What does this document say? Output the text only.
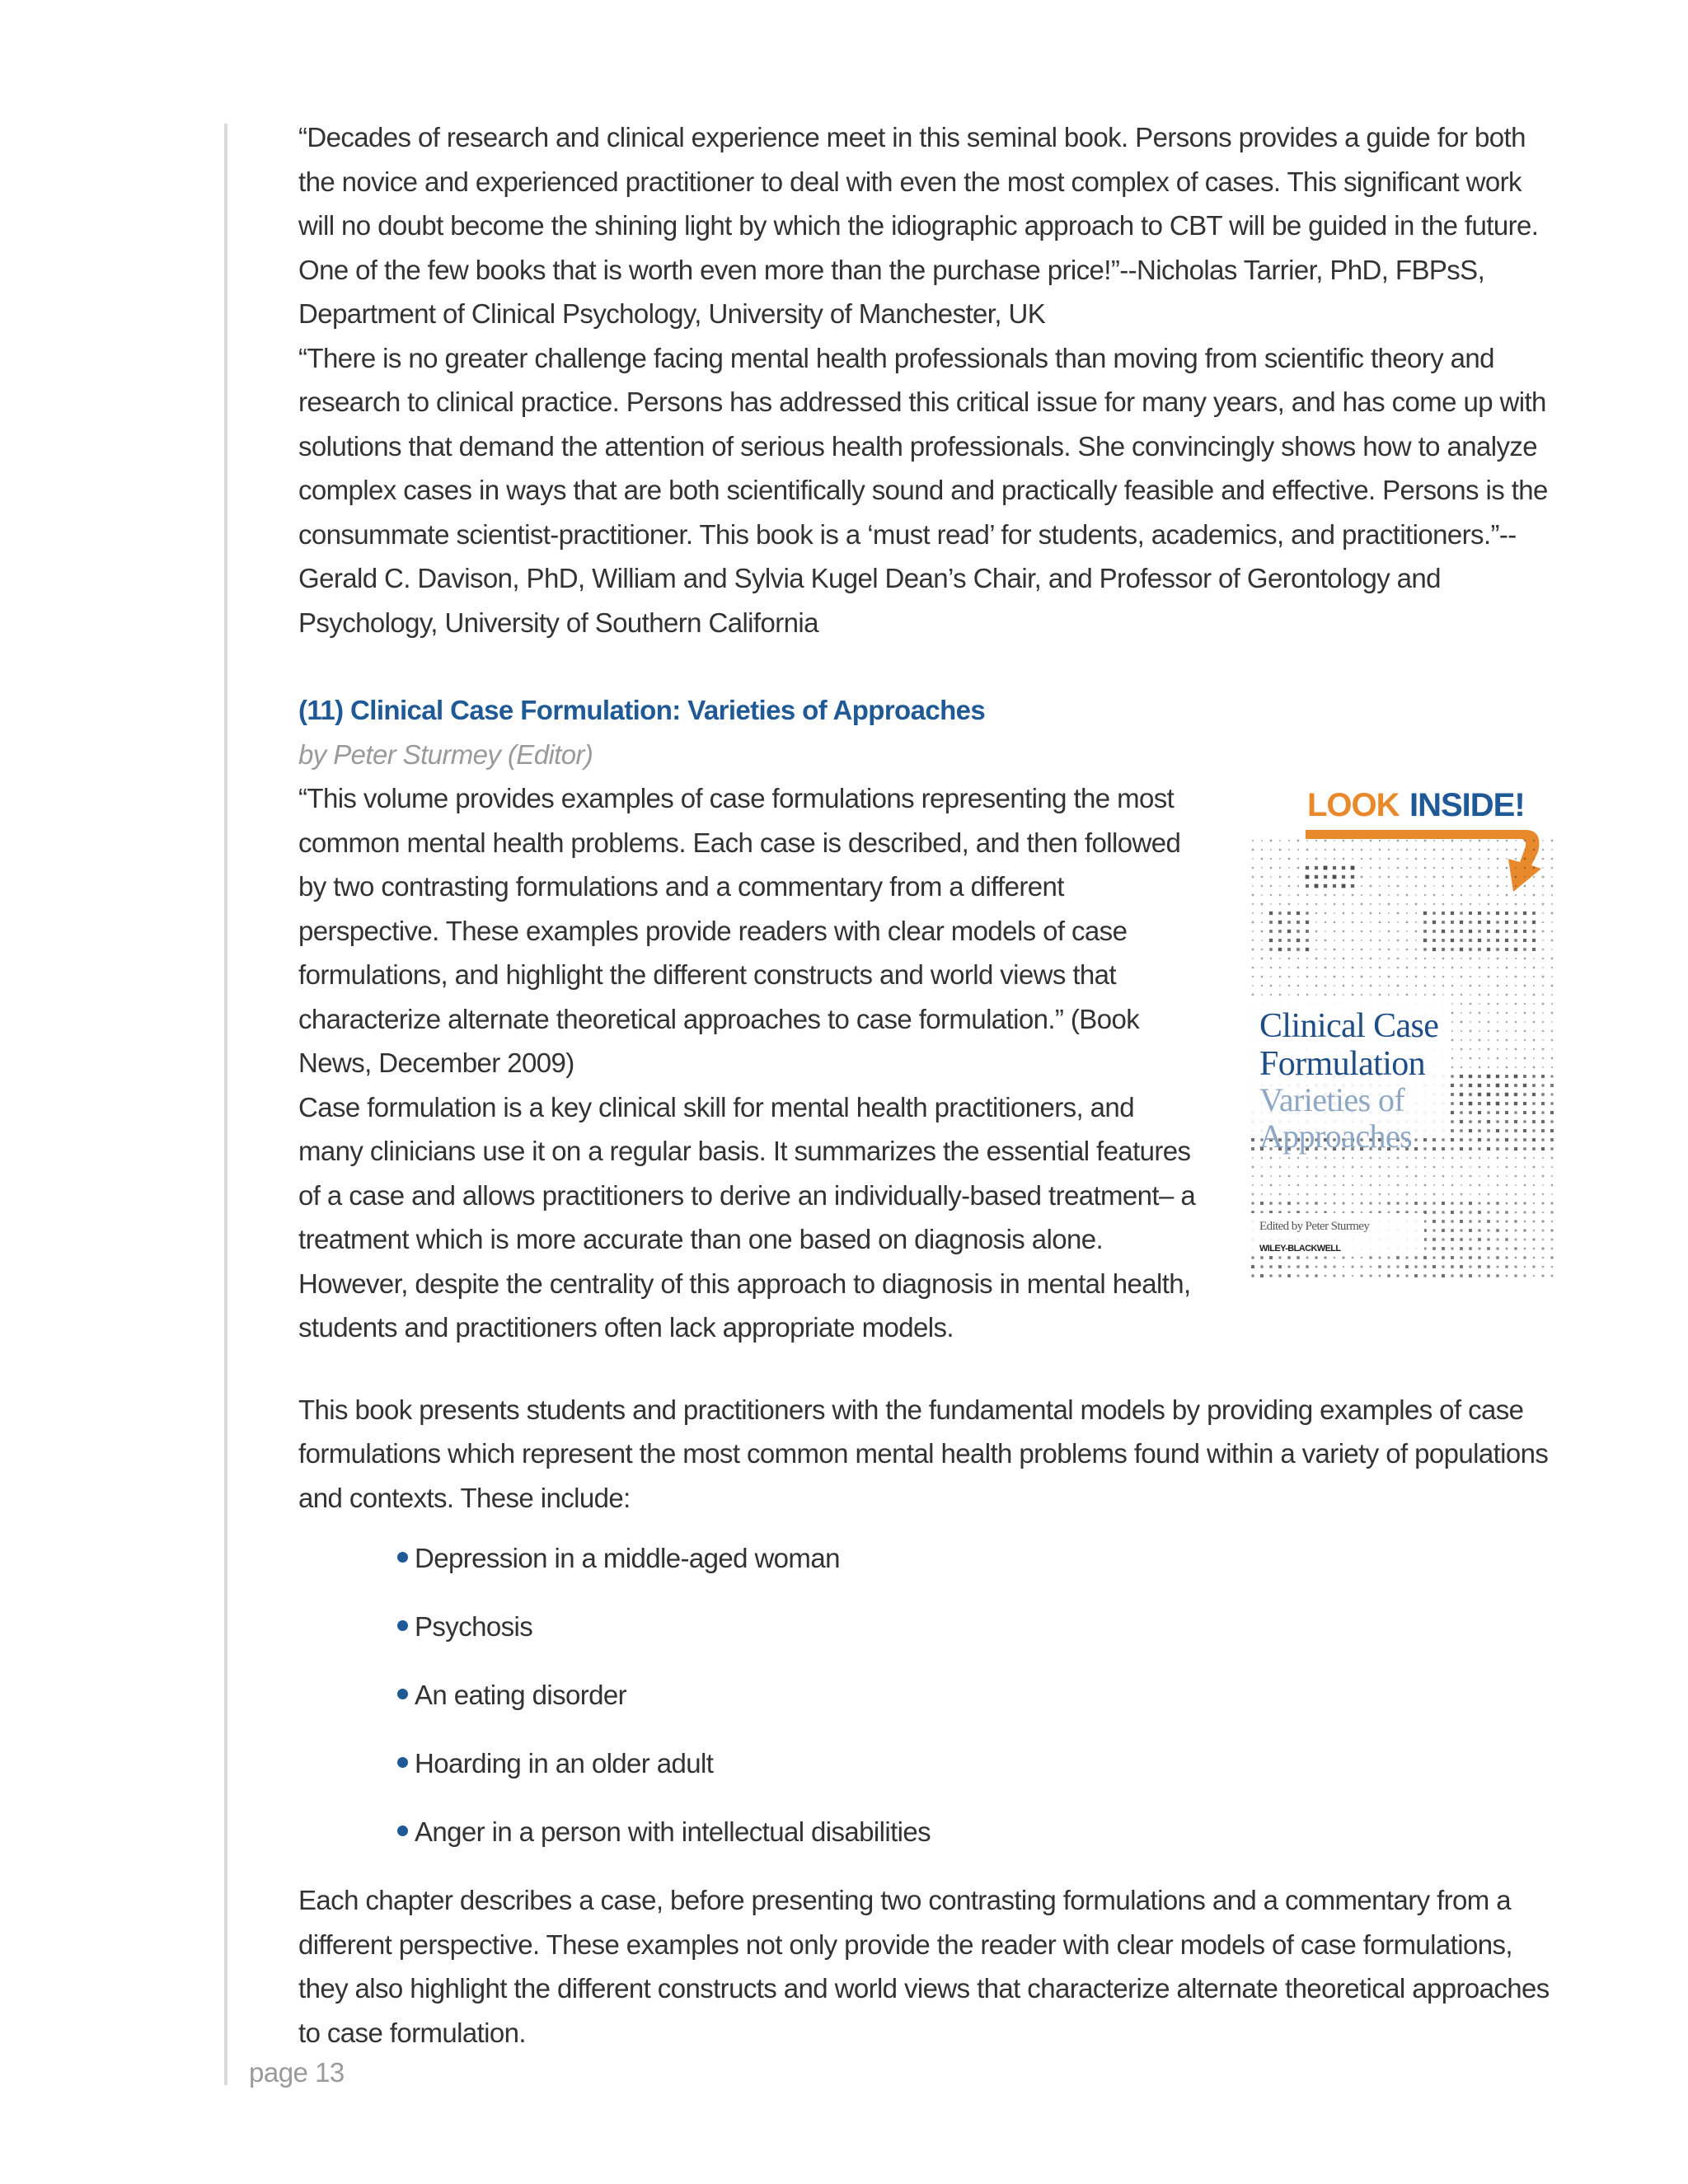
“Decades of research and clinical experience meet in this seminal book. Persons provides a guide for both the novice and experienced practitioner to deal with even the most complex of cases. This significant work will no doubt become the shining light by which the idiographic approach to CBT will be guided in the future. One of the few books that is worth even more than the purchase price!”--Nicholas Tarrier, PhD, FBPsS, Department of Clinical Psychology, University of Manchester, UK

“There is no greater challenge facing mental health professionals than moving from scientific theory and research to clinical practice. Persons has addressed this critical issue for many years, and has come up with solutions that demand the attention of serious health professionals. She convincingly shows how to analyze complex cases in ways that are both scientifically sound and practically feasible and effective. Persons is the consummate scientist-practitioner. This book is a ‘must read’ for students, academics, and practitioners.”--Gerald C. Davison, PhD, William and Sylvia Kugel Dean’s Chair, and Professor of Gerontology and Psychology, University of Southern California

(11) Clinical Case Formulation: Varieties of Approaches

by Peter Sturmey (Editor)

LOOK INSIDE!
Clinical Case
Formulation
Varieties of
Approaches
Edited by Peter Sturmey
WILEY-BLACKWELL

“This volume provides examples of case formulations representing the most common mental health problems. Each case is described, and then followed by two contrasting formulations and a commentary from a different perspective. These examples provide readers with clear models of case formulations, and highlight the different constructs and world views that characterize alternate theoretical approaches to case formulation.” (Book News, December 2009)

Case formulation is a key clinical skill for mental health practitioners, and many clinicians use it on a regular basis. It summarizes the essential features of a case and allows practitioners to derive an individually-based treatment– a treatment which is more accurate than one based on diagnosis alone. However, despite the centrality of this approach to diagnosis in mental health, students and practitioners often lack appropriate models.

This book presents students and practitioners with the fundamental models by providing examples of case formulations which represent the most common mental health problems found within a variety of populations and contexts. These include:

Depression in a middle-aged woman
Psychosis
An eating disorder
Hoarding in an older adult
Anger in a person with intellectual disabilities

Each chapter describes a case, before presenting two contrasting formulations and a commentary from a different perspective. These examples not only provide the reader with clear models of case formulations, they also highlight the different constructs and world views that characterize alternate theoretical approaches to case formulation.

page 13
